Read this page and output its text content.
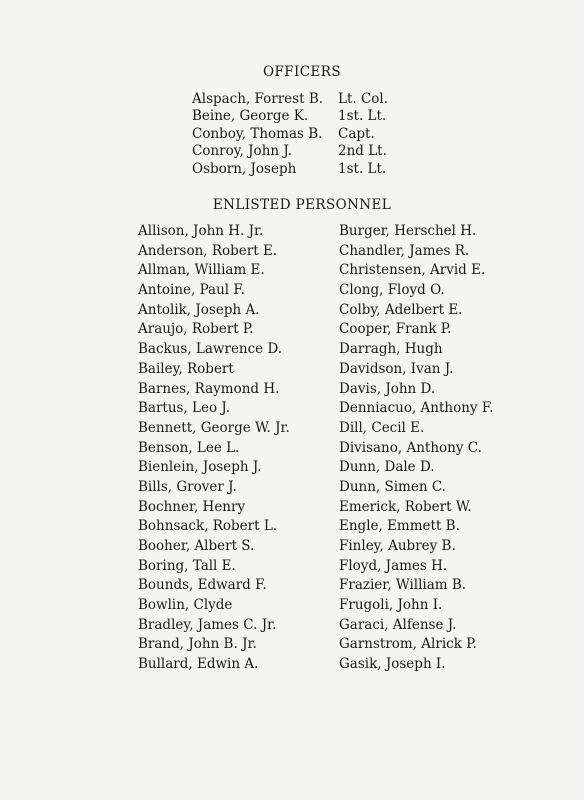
OFFICERS
Alspach, Forrest B.	Lt. Col.
Beine, George K.	1st. Lt.
Conboy, Thomas B.	Capt.
Conroy, John J.	2nd Lt.
Osborn, Joseph	1st. Lt.
ENLISTED PERSONNEL
Allison, John H. Jr.
Anderson, Robert E.
Allman, William E.
Antoine, Paul F.
Antolik, Joseph A.
Araujo, Robert P.
Backus, Lawrence D.
Bailey, Robert
Barnes, Raymond H.
Bartus, Leo J.
Bennett, George W. Jr.
Benson, Lee L.
Bienlein, Joseph J.
Bills, Grover J.
Bochner, Henry
Bohnsack, Robert L.
Booher, Albert S.
Boring, Tall E.
Bounds, Edward F.
Bowlin, Clyde
Bradley, James C. Jr.
Brand, John B. Jr.
Bullard, Edwin A.
Burger, Herschel H.
Chandler, James R.
Christensen, Arvid E.
Clong, Floyd O.
Colby, Adelbert E.
Cooper, Frank P.
Darragh, Hugh
Davidson, Ivan J.
Davis, John D.
Denniacuo, Anthony F.
Dill, Cecil E.
Divisano, Anthony C.
Dunn, Dale D.
Dunn, Simen C.
Emerick, Robert W.
Engle, Emmett B.
Finley, Aubrey B.
Floyd, James H.
Frazier, William B.
Frugoli, John I.
Garaci, Alfense J.
Garnstrom, Alrick P.
Gasik, Joseph I.
